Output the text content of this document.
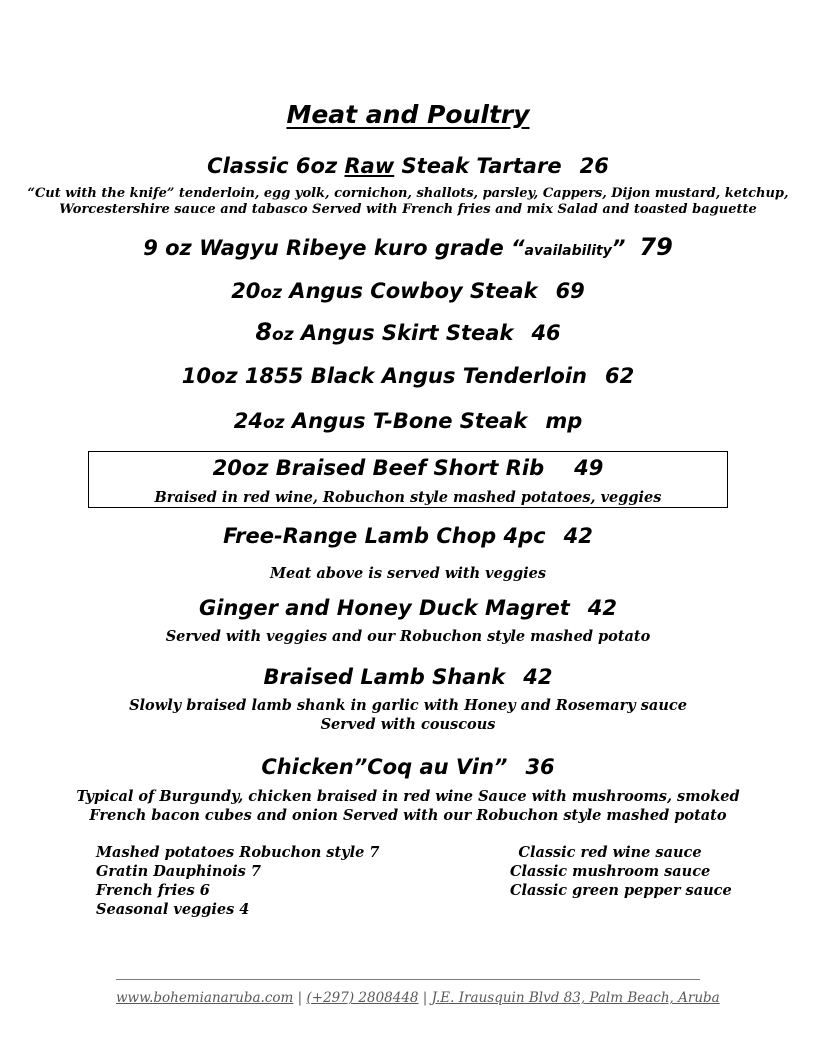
Meat and Poultry
Classic 6oz Raw Steak Tartare 26
“Cut with the knife” tenderloin, egg yolk, cornichon, shallots, parsley, Cappers, Dijon mustard, ketchup,
Worcestershire sauce and tabasco Served with French fries and mix Salad and toasted baguette
9 oz Wagyu Ribeye kuro grade “availability” 79
20oz Angus Cowboy Steak 69
8oz Angus Skirt Steak 46
10oz 1855 Black Angus Tenderloin 62
24oz Angus T-Bone Steak mp
20oz Braised Beef Short Rib 49
Braised in red wine, Robuchon style mashed potatoes, veggies
Free-Range Lamb Chop 4pc 42
Meat above is served with veggies
Ginger and Honey Duck Magret 42
Served with veggies and our Robuchon style mashed potato
Braised Lamb Shank 42
Slowly braised lamb shank in garlic with Honey and Rosemary sauce
Served with couscous
Chicken”Coq au Vin” 36
Typical of Burgundy, chicken braised in red wine Sauce with mushrooms, smoked
French bacon cubes and onion Served with our Robuchon style mashed potato
Mashed potatoes Robuchon style 7
Gratin Dauphinois 7
French fries 6
Seasonal veggies 4
Classic red wine sauce
Classic mushroom sauce
Classic green pepper sauce
www.bohemianaruba.com | (+297) 2808448 | J.E. Irausquin Blvd 83, Palm Beach, Aruba
